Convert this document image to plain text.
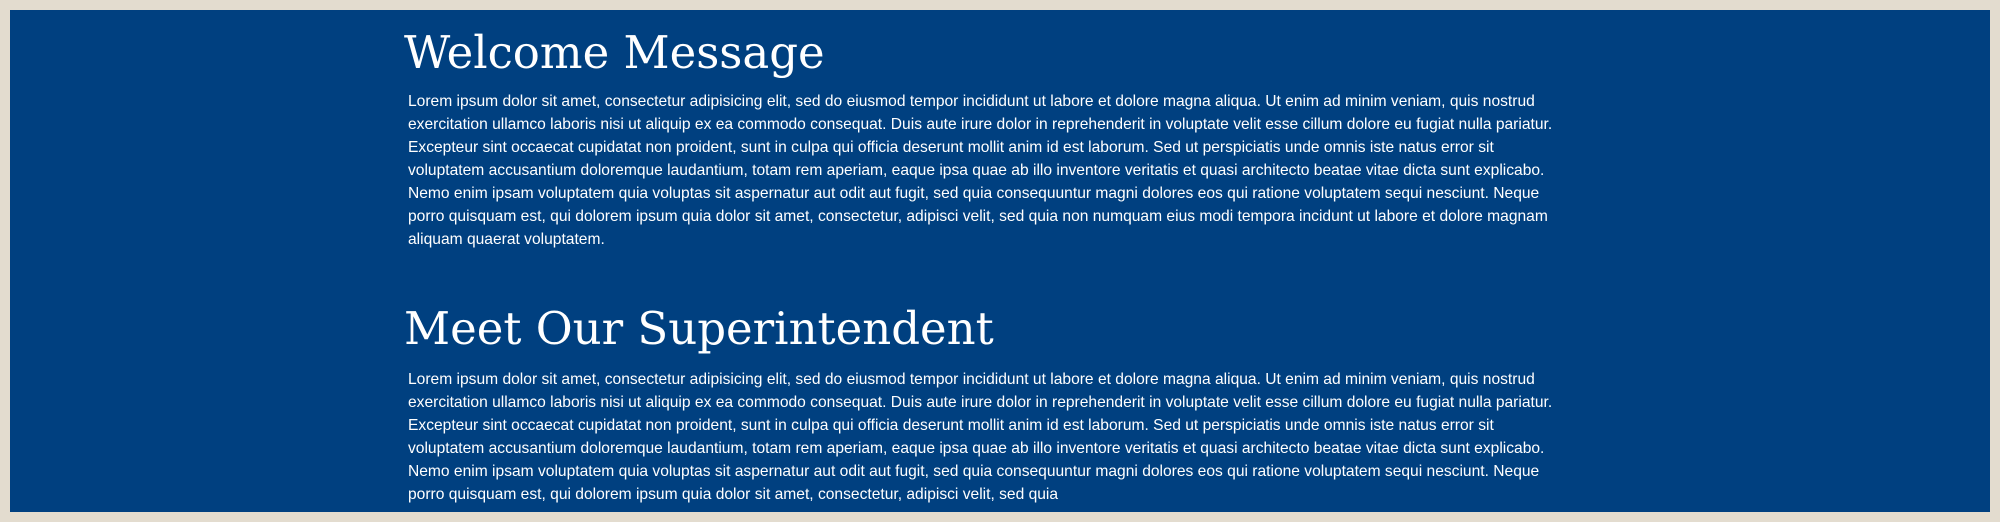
Welcome Message

Lorem ipsum dolor sit amet, consectetur adipisicing elit, sed do eiusmod tempor incididunt ut labore et dolore magna aliqua. Ut enim ad minim veniam, quis nostrud exercitation ullamco laboris nisi ut aliquip ex ea commodo consequat. Duis aute irure dolor in reprehenderit in voluptate velit esse cillum dolore eu fugiat nulla pariatur. Excepteur sint occaecat cupidatat non proident, sunt in culpa qui officia deserunt mollit anim id est laborum. Sed ut perspiciatis unde omnis iste natus error sit voluptatem accusantium doloremque laudantium, totam rem aperiam, eaque ipsa quae ab illo inventore veritatis et quasi architecto beatae vitae dicta sunt explicabo. Nemo enim ipsam voluptatem quia voluptas sit aspernatur aut odit aut fugit, sed quia consequuntur magni dolores eos qui ratione voluptatem sequi nesciunt. Neque porro quisquam est, qui dolorem ipsum quia dolor sit amet, consectetur, adipisci velit, sed quia non numquam eius modi tempora incidunt ut labore et dolore magnam aliquam quaerat voluptatem.

Meet Our Superintendent

Lorem ipsum dolor sit amet, consectetur adipisicing elit, sed do eiusmod tempor incididunt ut labore et dolore magna aliqua. Ut enim ad minim veniam, quis nostrud exercitation ullamco laboris nisi ut aliquip ex ea commodo consequat. Duis aute irure dolor in reprehenderit in voluptate velit esse cillum dolore eu fugiat nulla pariatur. Excepteur sint occaecat cupidatat non proident, sunt in culpa qui officia deserunt mollit anim id est laborum. Sed ut perspiciatis unde omnis iste natus error sit voluptatem accusantium doloremque laudantium, totam rem aperiam, eaque ipsa quae ab illo inventore veritatis et quasi architecto beatae vitae dicta sunt explicabo. Nemo enim ipsam voluptatem quia voluptas sit aspernatur aut odit aut fugit, sed quia consequuntur magni dolores eos qui ratione voluptatem sequi nesciunt. Neque porro quisquam est, qui dolorem ipsum quia dolor sit amet, consectetur, adipisci velit, sed quia
